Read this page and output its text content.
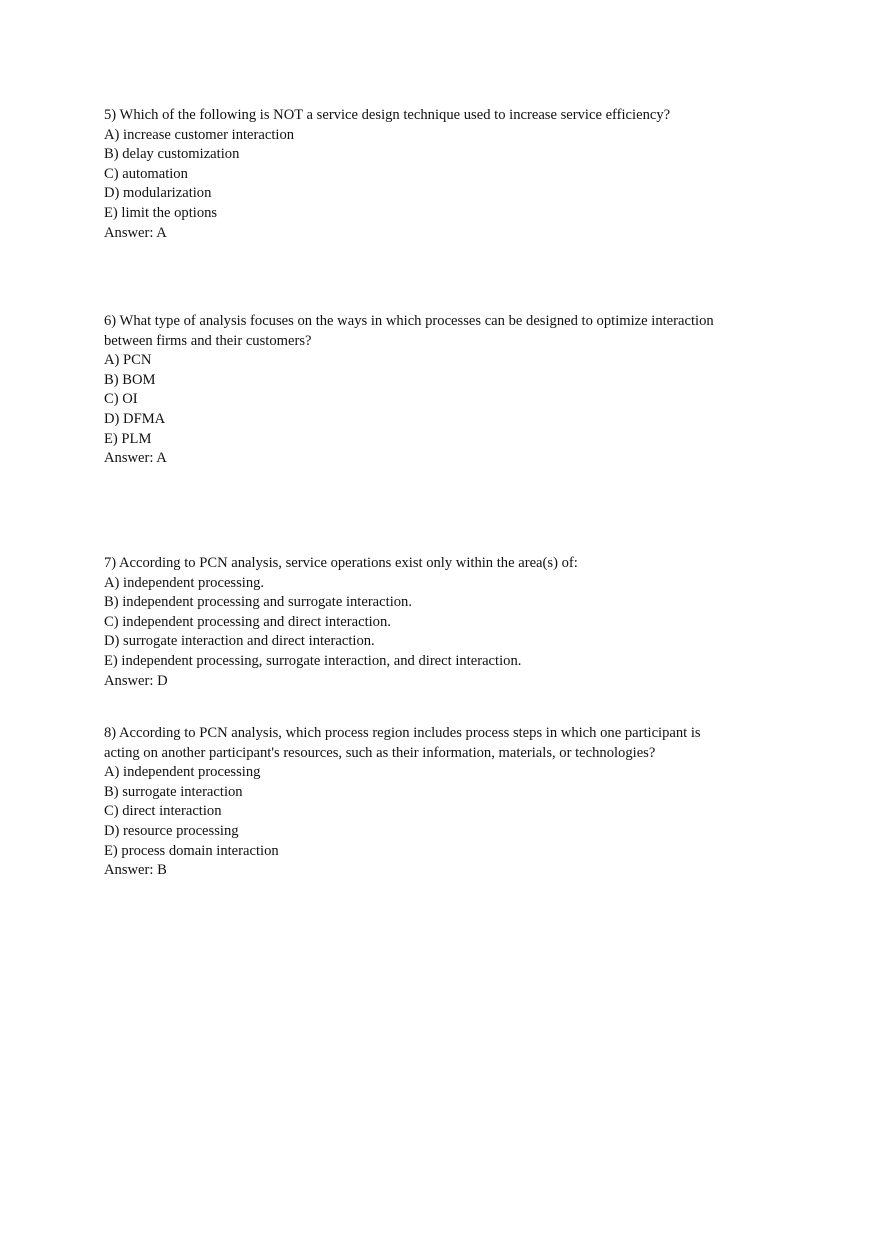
5) Which of the following is NOT a service design technique used to increase service efficiency?
A) increase customer interaction
B) delay customization
C) automation
D) modularization
E) limit the options
Answer: A
6) What type of analysis focuses on the ways in which processes can be designed to optimize interaction
between firms and their customers?
A) PCN
B) BOM
C) OI
D) DFMA
E) PLM
Answer: A
7) According to PCN analysis, service operations exist only within the area(s) of:
A) independent processing.
B) independent processing and surrogate interaction.
C) independent processing and direct interaction.
D) surrogate interaction and direct interaction.
E) independent processing, surrogate interaction, and direct interaction.
Answer: D
8) According to PCN analysis, which process region includes process steps in which one participant is
acting on another participant's resources, such as their information, materials, or technologies?
A) independent processing
B) surrogate interaction
C) direct interaction
D) resource processing
E) process domain interaction
Answer: B
